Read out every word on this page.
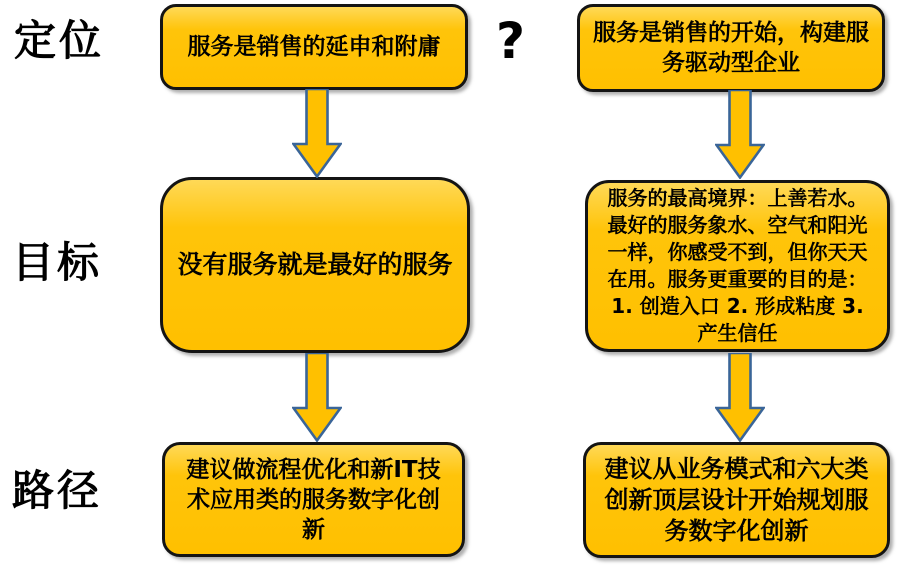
定位
目标
路径
?
服务是销售的延申和附庸
没有服务就是最好的服务
建议做流程优化和新IT技术应用类的服务数字化创新
服务是销售的开始，构建服务驱动型企业
服务的最高境界：上善若水。最好的服务象水、空气和阳光一样，你感受不到，但你天天在用。服务更重要的目的是：1. 创造入口 2. 形成粘度 3. 产生信任
建议从业务模式和六大类创新顶层设计开始规划服务数字化创新
